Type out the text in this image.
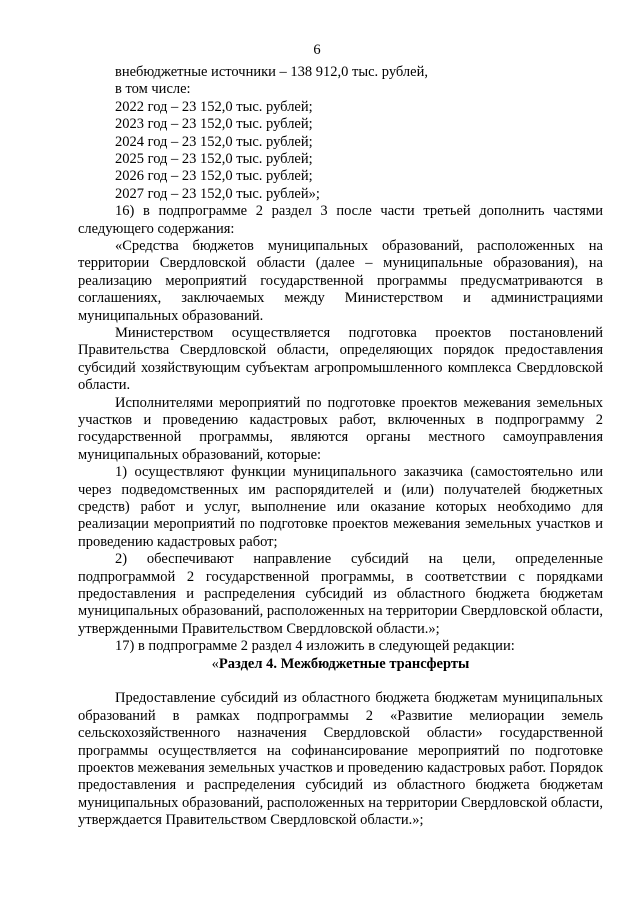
6
внебюджетные источники – 138 912,0 тыс. рублей,
в том числе:
2022 год – 23 152,0 тыс. рублей;
2023 год – 23 152,0 тыс. рублей;
2024 год – 23 152,0 тыс. рублей;
2025 год – 23 152,0 тыс. рублей;
2026 год – 23 152,0 тыс. рублей;
2027 год – 23 152,0 тыс. рублей»;
16) в подпрограмме 2 раздел 3 после части третьей дополнить частями следующего содержания:
«Средства бюджетов муниципальных образований, расположенных на территории Свердловской области (далее – муниципальные образования), на реализацию мероприятий государственной программы предусматриваются в соглашениях, заключаемых между Министерством и администрациями муниципальных образований.
Министерством осуществляется подготовка проектов постановлений Правительства Свердловской области, определяющих порядок предоставления субсидий хозяйствующим субъектам агропромышленного комплекса Свердловской области.
Исполнителями мероприятий по подготовке проектов межевания земельных участков и проведению кадастровых работ, включенных в подпрограмму 2 государственной программы, являются органы местного самоуправления муниципальных образований, которые:
1) осуществляют функции муниципального заказчика (самостоятельно или через подведомственных им распорядителей и (или) получателей бюджетных средств) работ и услуг, выполнение или оказание которых необходимо для реализации мероприятий по подготовке проектов межевания земельных участков и проведению кадастровых работ;
2) обеспечивают направление субсидий на цели, определенные подпрограммой 2 государственной программы, в соответствии с порядками предоставления и распределения субсидий из областного бюджета бюджетам муниципальных образований, расположенных на территории Свердловской области, утвержденными Правительством Свердловской области.»;
17) в подпрограмме 2 раздел 4 изложить в следующей редакции:
«Раздел 4. Межбюджетные трансферты
Предоставление субсидий из областного бюджета бюджетам муниципальных образований в рамках подпрограммы 2 «Развитие мелиорации земель сельскохозяйственного назначения Свердловской области» государственной программы осуществляется на софинансирование мероприятий по подготовке проектов межевания земельных участков и проведению кадастровых работ. Порядок предоставления и распределения субсидий из областного бюджета бюджетам муниципальных образований, расположенных на территории Свердловской области, утверждается Правительством Свердловской области.»;
